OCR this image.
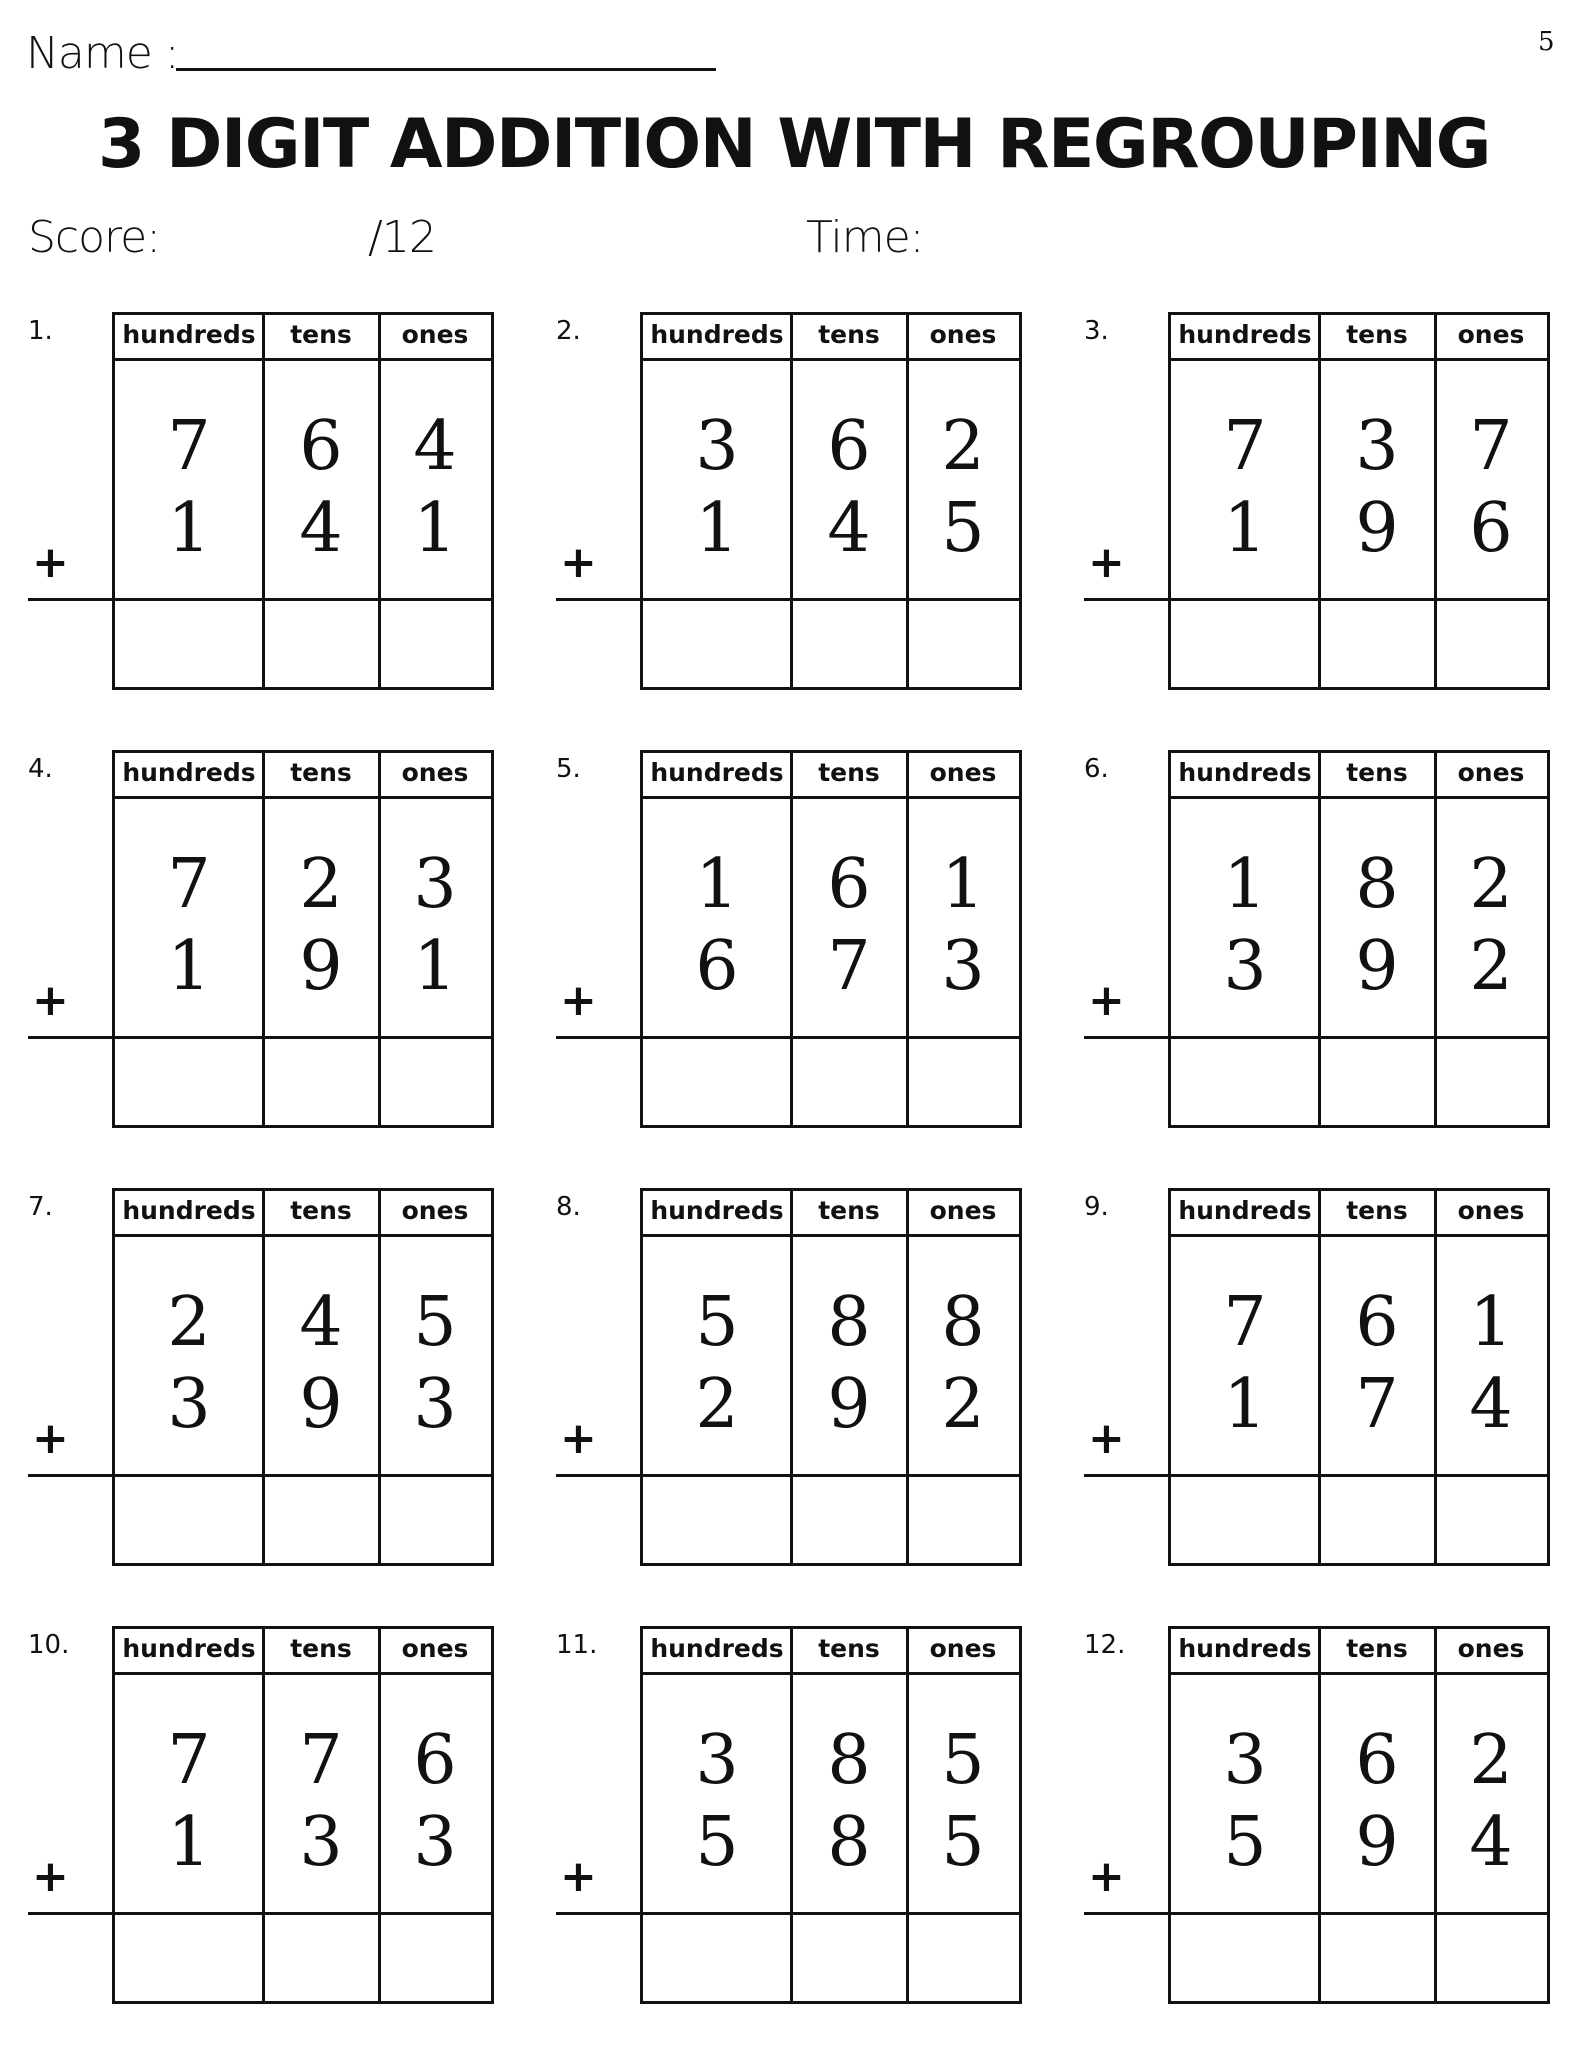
Name :	5
3 DIGIT ADDITION WITH REGROUPING
Score:	/12	Time:
1.	hundreds	tens	ones
7	6	4
1	4	1
+
2.	hundreds	tens	ones
3	6	2
1	4	5
+
3.	hundreds	tens	ones
7	3	7
1	9	6
+
4.	hundreds	tens	ones
7	2	3
1	9	1
+
5.	hundreds	tens	ones
1	6	1
6	7	3
+
6.	hundreds	tens	ones
1	8	2
3	9	2
+
7.	hundreds	tens	ones
2	4	5
3	9	3
+
8.	hundreds	tens	ones
5	8	8
2	9	2
+
9.	hundreds	tens	ones
7	6	1
1	7	4
+
10. hundreds	tens	ones
7	7	6
1	3	3
+
11. hundreds	tens	ones
3	8	5
5	8	5
+
12. hundreds	tens	ones
3	6	2
5	9	4
+
